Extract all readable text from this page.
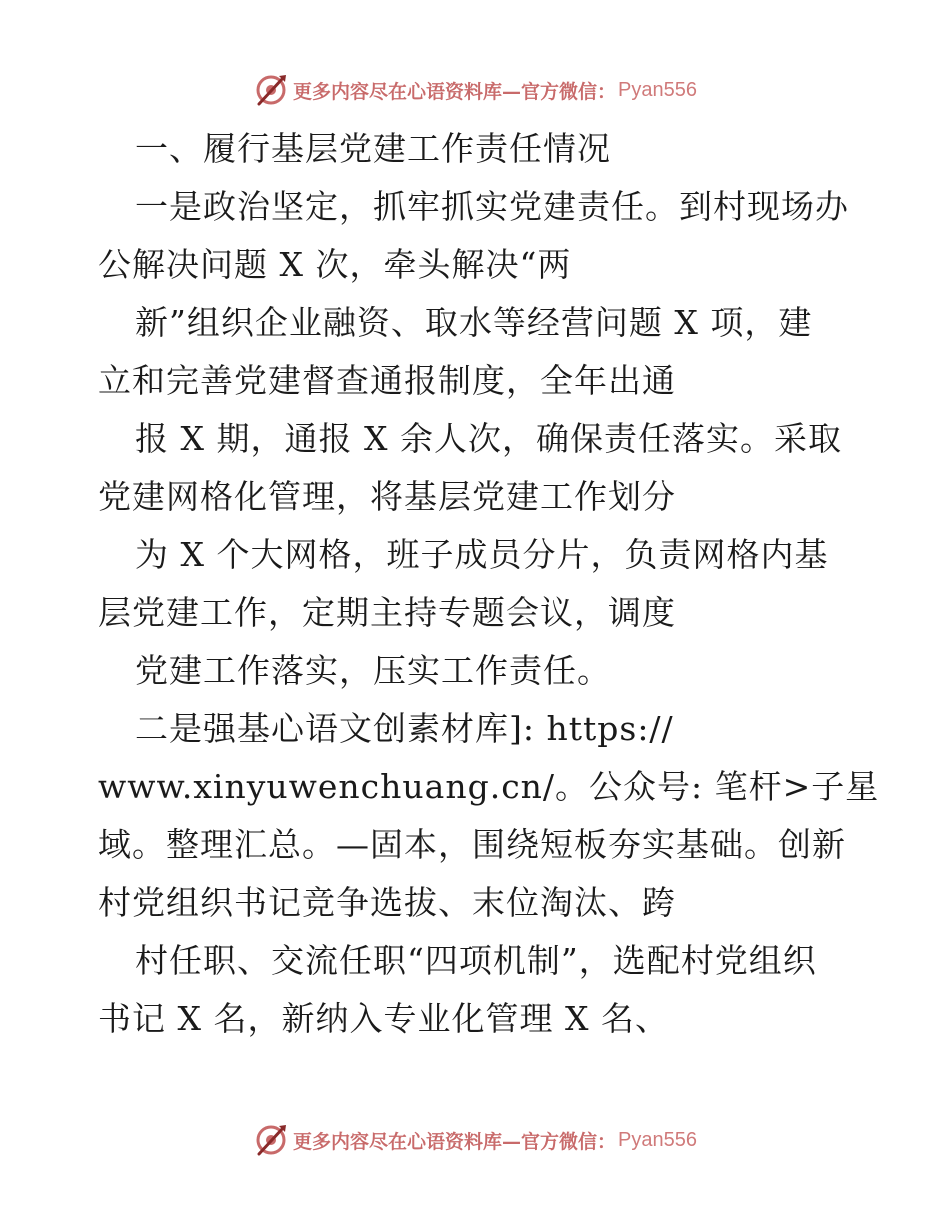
更多内容尽在心语资料库—官方微信： Pyan556
一、履行基层党建工作责任情况
一是政治坚定，抓牢抓实党建责任。到村现场办
公解决问题 X 次，牵头解决“两
新”组织企业融资、取水等经营问题 X 项，建
立和完善党建督查通报制度，全年出通
报 X 期，通报 X 余人次，确保责任落实。采取
党建网格化管理，将基层党建工作划分
为 X 个大网格，班子成员分片，负责网格内基
层党建工作，定期主持专题会议，调度
党建工作落实，压实工作责任。
二是强基心语文创素材库]: https://
www.xinyuwenchuang.cn/。公众号: 笔杆>子星
域。整理汇总。—固本，围绕短板夯实基础。创新
村党组织书记竞争选拔、末位淘汰、跨
村任职、交流任职“四项机制”，选配村党组织
书记 X 名，新纳入专业化管理 X 名、
更多内容尽在心语资料库—官方微信： Pyan556
